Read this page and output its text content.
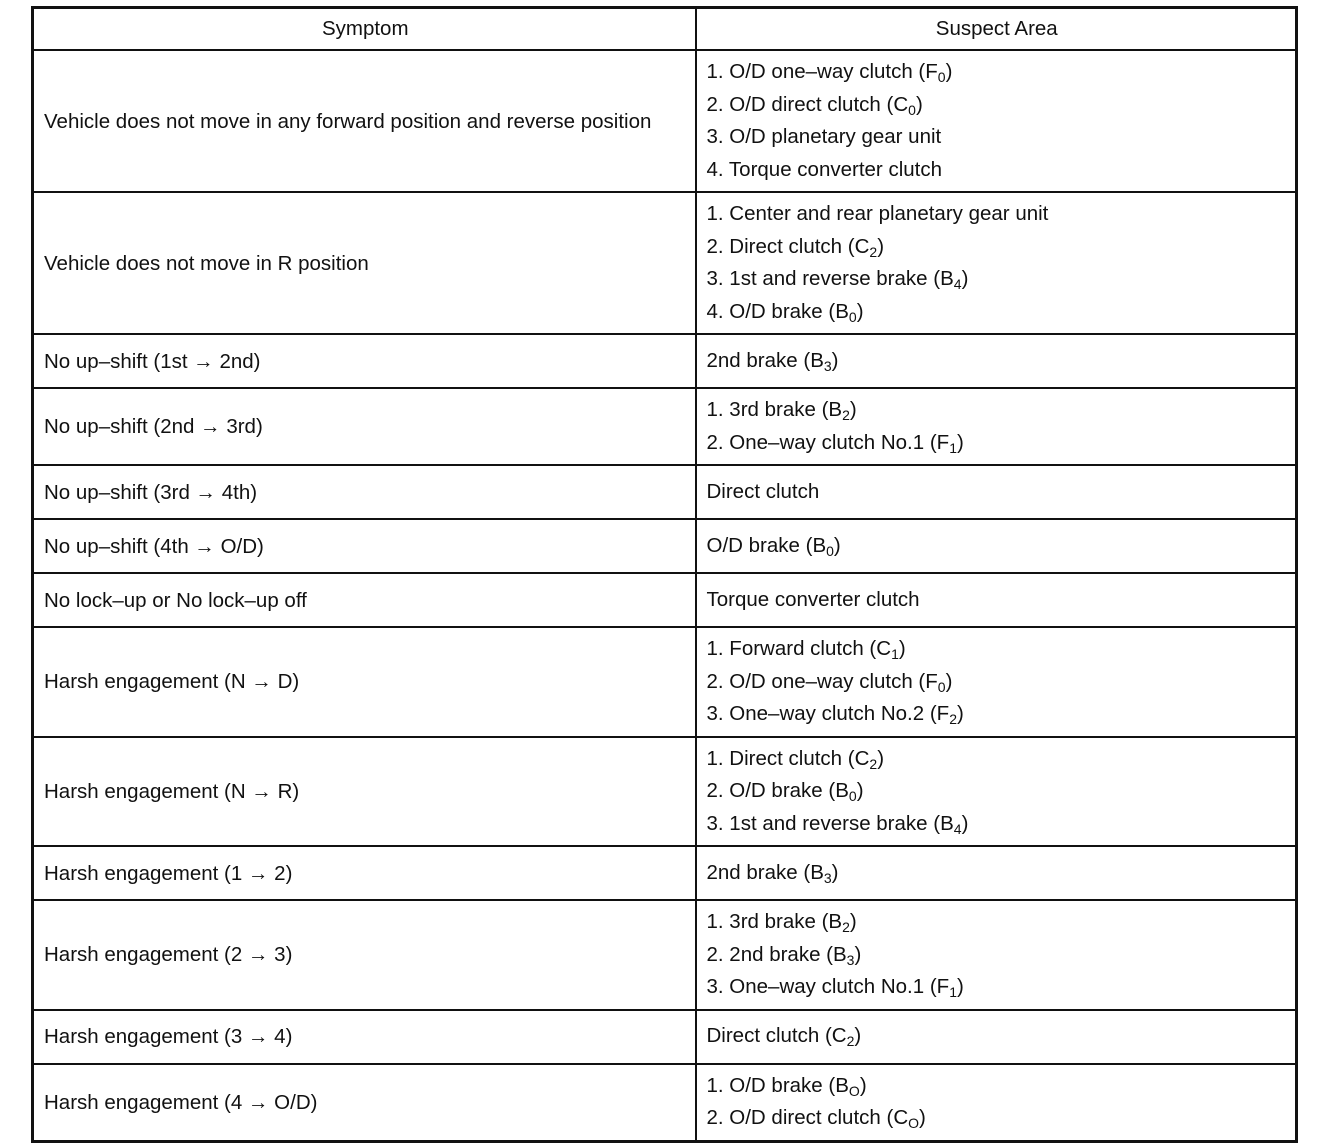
Symptom	Suspect Area

Vehicle does not move in any forward position and reverse position	1. O/D one–way clutch $(F_0)$
2. O/D direct clutch $(C_0)$
3. O/D planetary gear unit
4. Torque converter clutch

Vehicle does not move in R position	1. Center and rear planetary gear unit
2. Direct clutch $(C_2)$
3. 1st and reverse brake $(B_4)$
4. O/D brake $(B_0)$

No up–shift (1st → 2nd)	2nd brake $(B_3)$

No up–shift (2nd → 3rd)	1. 3rd brake $(B_2)$
2. One–way clutch No.1 $(F_1)$

No up–shift (3rd → 4th)	Direct clutch

No up–shift (4th → O/D)	O/D brake $(B_0)$

No lock–up or No lock–up off	Torque converter clutch

Harsh engagement (N → D)	1. Forward clutch $(C_1)$
2. O/D one–way clutch $(F_0)$
3. One–way clutch No.2 $(F_2)$

Harsh engagement (N → R)	1. Direct clutch $(C_2)$
2. O/D brake $(B_0)$
3. 1st and reverse brake $(B_4)$

Harsh engagement (1 → 2)	2nd brake $(B_3)$

Harsh engagement (2 → 3)	1. 3rd brake $(B_2)$
2. 2nd brake $(B_3)$
3. One–way clutch No.1 $(F_1)$

Harsh engagement (3 → 4)	Direct clutch $(C_2)$

Harsh engagement (4 → O/D)	1. O/D brake $(B_O)$
2. O/D direct clutch $(C_O)$
